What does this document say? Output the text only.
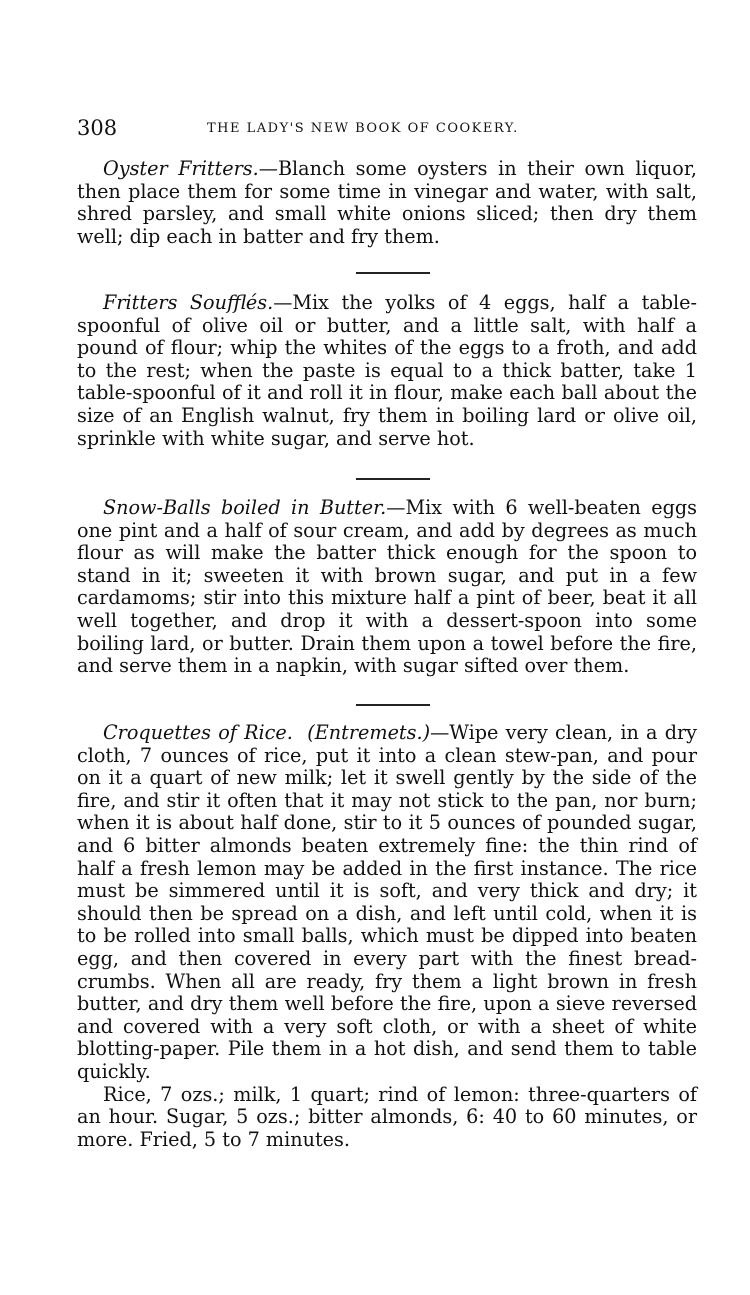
308	THE LADY'S NEW BOOK OF COOKERY.

Oyster Fritters.—Blanch some oysters in their own liquor, then place them for some time in vinegar and water, with salt, shred parsley, and small white onions sliced; then dry them well; dip each in batter and fry them.

Fritters Soufflés.—Mix the yolks of 4 eggs, half a table-spoonful of olive oil or butter, and a little salt, with half a pound of flour; whip the whites of the eggs to a froth, and add to the rest; when the paste is equal to a thick batter, take 1 table-spoonful of it and roll it in flour, make each ball about the size of an English walnut, fry them in boiling lard or olive oil, sprinkle with white sugar, and serve hot.

Snow-Balls boiled in Butter.—Mix with 6 well-beaten eggs one pint and a half of sour cream, and add by degrees as much flour as will make the batter thick enough for the spoon to stand in it; sweeten it with brown sugar, and put in a few cardamoms; stir into this mixture half a pint of beer, beat it all well together, and drop it with a dessert-spoon into some boiling lard, or butter. Drain them upon a towel before the fire, and serve them in a napkin, with sugar sifted over them.

Croquettes of Rice. (Entremets.)—Wipe very clean, in a dry cloth, 7 ounces of rice, put it into a clean stew-pan, and pour on it a quart of new milk; let it swell gently by the side of the fire, and stir it often that it may not stick to the pan, nor burn; when it is about half done, stir to it 5 ounces of pounded sugar, and 6 bitter almonds beaten extremely fine: the thin rind of half a fresh lemon may be added in the first instance. The rice must be simmered until it is soft, and very thick and dry; it should then be spread on a dish, and left until cold, when it is to be rolled into small balls, which must be dipped into beaten egg, and then covered in every part with the finest bread-crumbs. When all are ready, fry them a light brown in fresh butter, and dry them well before the fire, upon a sieve reversed and covered with a very soft cloth, or with a sheet of white blotting-paper. Pile them in a hot dish, and send them to table quickly.

Rice, 7 ozs.; milk, 1 quart; rind of lemon: three-quarters of an hour. Sugar, 5 ozs.; bitter almonds, 6: 40 to 60 minutes, or more. Fried, 5 to 7 minutes.
